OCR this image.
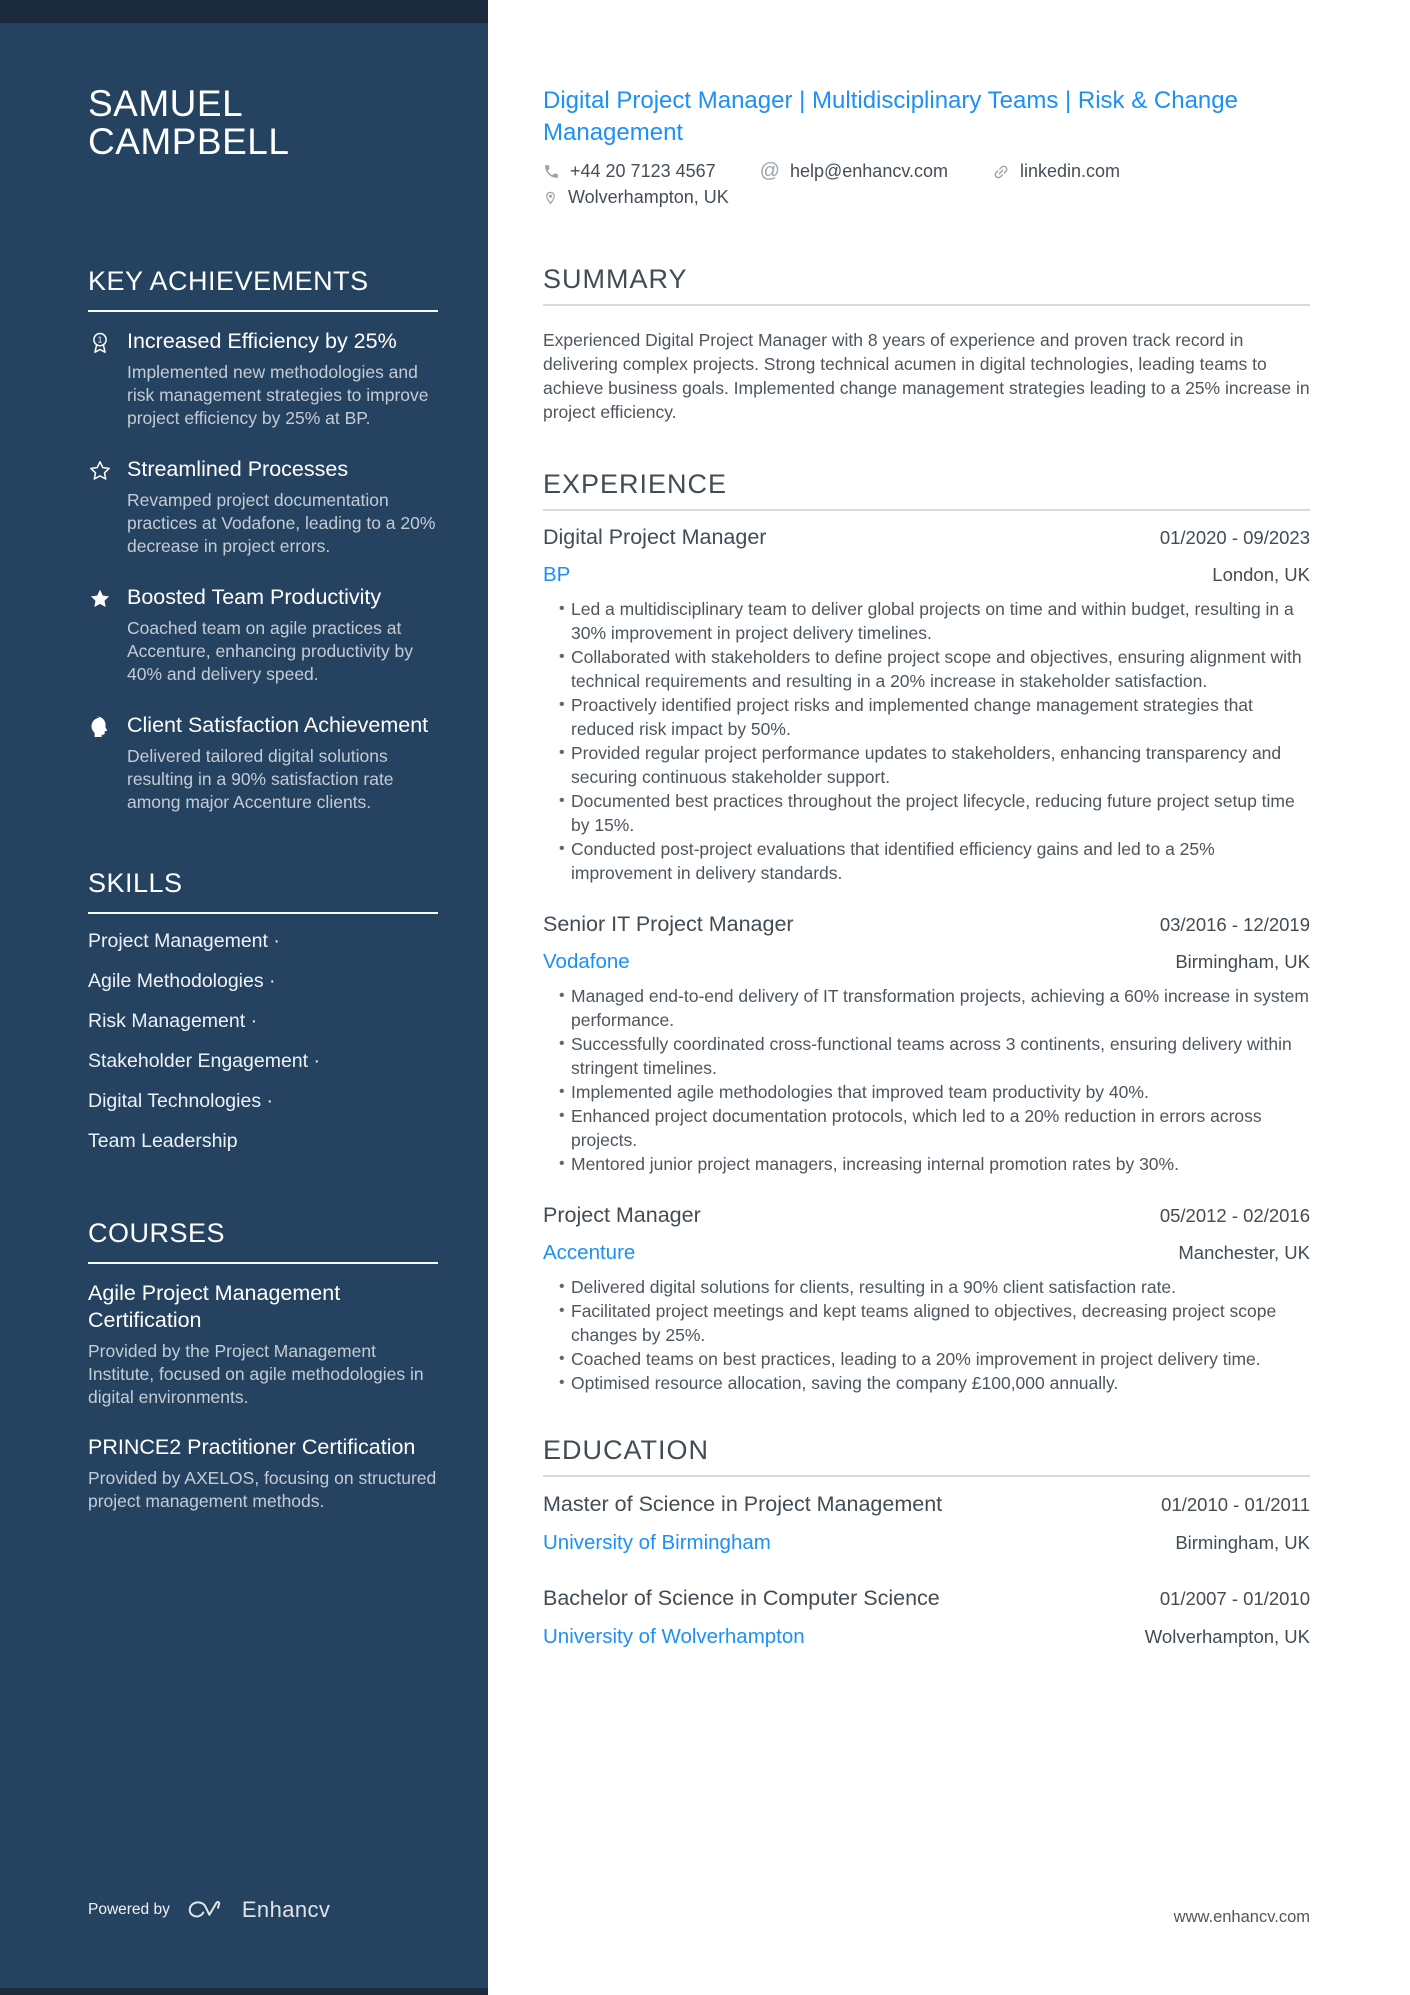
SAMUEL CAMPBELL
KEY ACHIEVEMENTS
1 Increased Efficiency by 25%
Implemented new methodologies and risk management strategies to improve project efficiency by 25% at BP.
Streamlined Processes
Revamped project documentation practices at Vodafone, leading to a 20% decrease in project errors.
Boosted Team Productivity
Coached team on agile practices at Accenture, enhancing productivity by 40% and delivery speed.
Client Satisfaction Achievement
Delivered tailored digital solutions resulting in a 90% satisfaction rate among major Accenture clients.
SKILLS
Project Management ·
Agile Methodologies ·
Risk Management ·
Stakeholder Engagement ·
Digital Technologies ·
Team Leadership
COURSES
Agile Project Management Certification
Provided by the Project Management Institute, focused on agile methodologies in digital environments.
PRINCE2 Practitioner Certification
Provided by AXELOS, focusing on structured project management methods.
Powered by	Enhancv
Digital Project Manager | Multidisciplinary Teams | Risk & Change Management
+44 20 7123 4567 @ help@enhancv.com	linkedin.com
Wolverhampton, UK
SUMMARY

Experienced Digital Project Manager with 8 years of experience and proven track record in delivering complex projects. Strong technical acumen in digital technologies, leading teams to achieve business goals. Implemented change management strategies leading to a 25% increase in project efficiency.

EXPERIENCE
Digital Project Manager	01/2020 - 09/2023
BP	London, UK
• Led a multidisciplinary team to deliver global projects on time and within budget, resulting in a 30% improvement in project delivery timelines.
• Collaborated with stakeholders to define project scope and objectives, ensuring alignment with technical requirements and resulting in a 20% increase in stakeholder satisfaction.
• Proactively identified project risks and implemented change management strategies that reduced risk impact by 50%.
• Provided regular project performance updates to stakeholders, enhancing transparency and securing continuous stakeholder support.
• Documented best practices throughout the project lifecycle, reducing future project setup time by 15%.
• Conducted post-project evaluations that identified efficiency gains and led to a 25% improvement in delivery standards.
Senior IT Project Manager	03/2016 - 12/2019
Vodafone	Birmingham, UK
• Managed end-to-end delivery of IT transformation projects, achieving a 60% increase in system performance.
• Successfully coordinated cross-functional teams across 3 continents, ensuring delivery within stringent timelines.
• Implemented agile methodologies that improved team productivity by 40%.
• Enhanced project documentation protocols, which led to a 20% reduction in errors across projects.
• Mentored junior project managers, increasing internal promotion rates by 30%.
Project Manager	05/2012 - 02/2016
Accenture	Manchester, UK
• Delivered digital solutions for clients, resulting in a 90% client satisfaction rate.
• Facilitated project meetings and kept teams aligned to objectives, decreasing project scope changes by 25%.
• Coached teams on best practices, leading to a 20% improvement in project delivery time.
• Optimised resource allocation, saving the company £100,000 annually.
EDUCATION
Master of Science in Project Management	01/2010 - 01/2011
University of Birmingham	Birmingham, UK
Bachelor of Science in Computer Science	01/2007 - 01/2010
University of Wolverhampton	Wolverhampton, UK
www.enhancv.com
